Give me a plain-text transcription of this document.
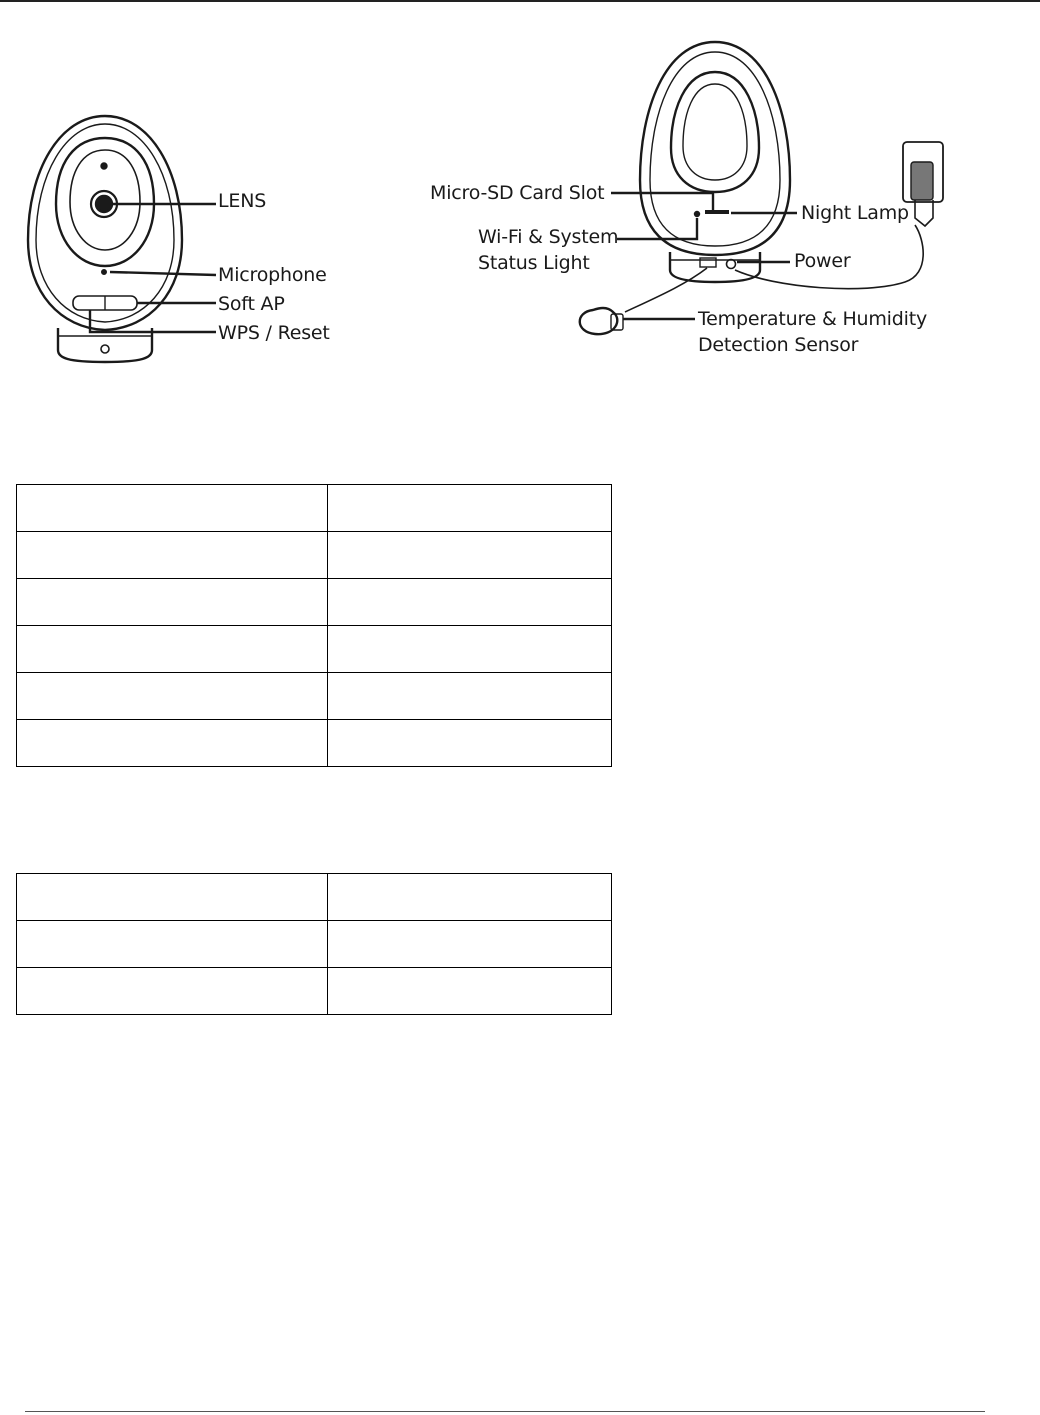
LENS
Microphone
Soft AP
WPS / Reset
Micro-SD Card Slot
Night Lamp
Wi-Fi & System Status Light	Power
Temperature & Humidity Detection Sensor
